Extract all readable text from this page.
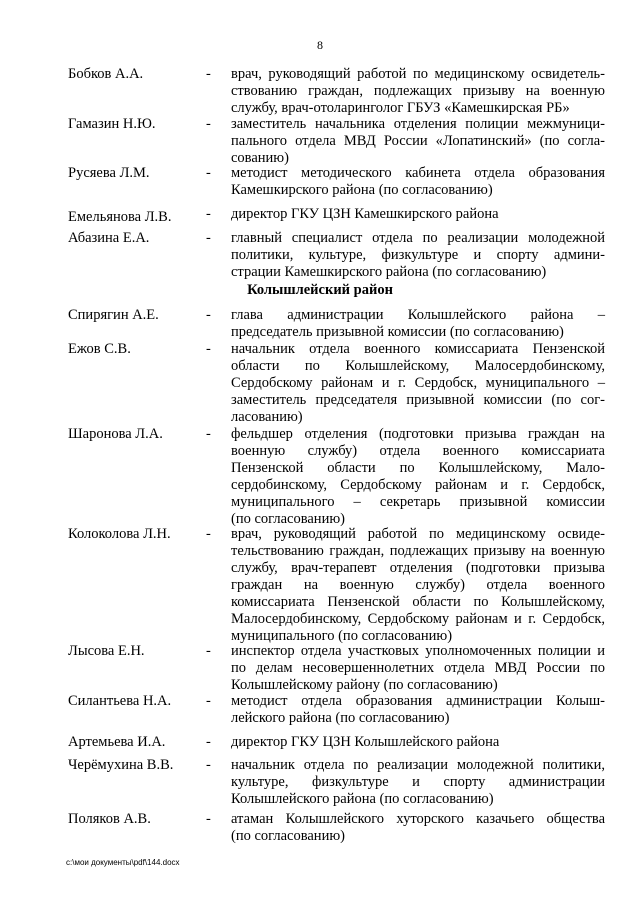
8
Бобков А.А.	- врач, руководящий работой по медицинскому освидетель-
ствованию граждан, подлежащих призыву на военную
службу, врач-отоларинголог ГБУЗ «Камешкирская РБ»
Гамазин Н.Ю.	- заместитель начальника отделения полиции межмуници-
пального отдела МВД России «Лопатинский» (по согла-
сованию)
Русяева Л.М.	- методист методического кабинета отдела образования
Камешкирского района (по согласованию)
Емельянова Л.В. - директор ГКУ ЦЗН Камешкирского района
Абазина Е.А.	- главный специалист отдела по реализации молодежной
политики, культуре, физкультуре и спорту админи-
страции Камешкирского района (по согласованию)
Колышлейский район
Спирягин А.Е.	- глава администрации Колышлейского района –
председатель призывной комиссии (по согласованию)
Ежов С.В.	- начальник отдела военного комиссариата Пензенской
области по Колышлейскому, Малосердобинскому,
Сердобскому районам и г. Сердобск, муниципального –
заместитель председателя призывной комиссии (по сог-
ласованию)
Шаронова Л.А.	- фельдшер отделения (подготовки призыва граждан на
военную службу) отдела военного комиссариата
Пензенской области по Колышлейскому, Мало-
сердобинскому, Сердобскому районам и г. Сердобск,
муниципального – секретарь призывной комиссии
(по согласованию)
Колоколова Л.Н. - врач, руководящий работой по медицинскому освиде-
тельствованию граждан, подлежащих призыву на военную
службу, врач-терапевт отделения (подготовки призыва
граждан на военную службу) отдела военного
комиссариата Пензенской области по Колышлейскому,
Малосердобинскому, Сердобскому районам и г. Сердобск,
муниципального (по согласованию)
Лысова Е.Н.	- инспектор отдела участковых уполномоченных полиции и
по делам несовершеннолетних отдела МВД России по
Колышлейскому району (по согласованию)
Силантьева Н.А. - методист отдела образования администрации Колыш-
лейского района (по согласованию)
Артемьева И.А.	- директор ГКУ ЦЗН Колышлейского района
Черёмухина В.В. - начальник отдела по реализации молодежной политики,
культуре, физкультуре и спорту администрации
Колышлейского района (по согласованию)
Поляков А.В.	- атаман Колышлейского хуторского казачьего общества
(по согласованию)
c:\мои документы\pdf\144.docx
